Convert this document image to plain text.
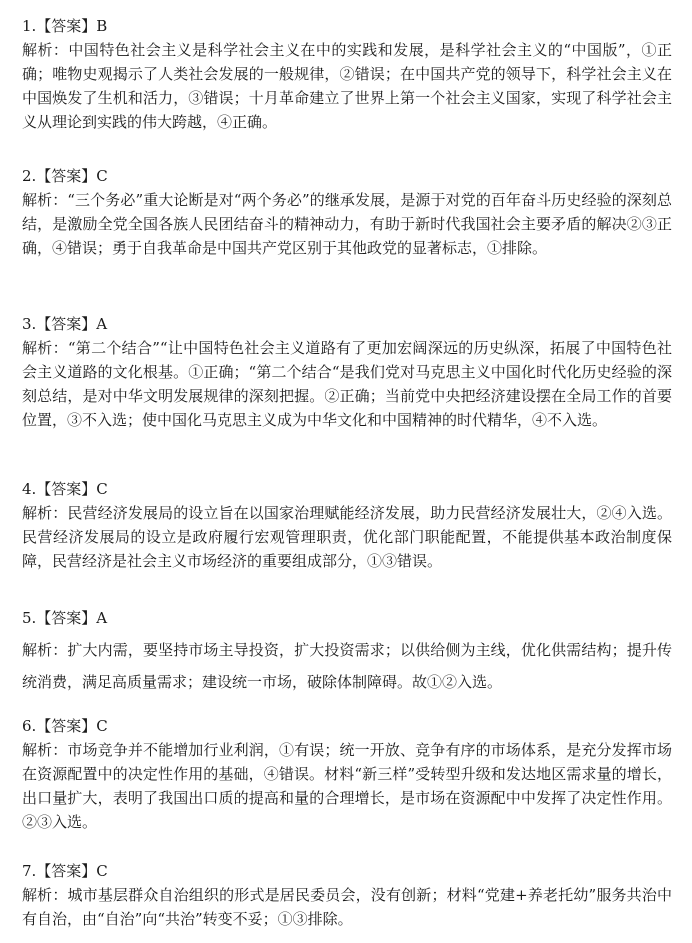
1.【答案】B

解析：中国特色社会主义是科学社会主义在中的实践和发展，是科学社会主义的“中国版”，①正确；唯物史观揭示了人类社会发展的一般规律，②错误；在中国共产党的领导下，科学社会主义在中国焕发了生机和活力，③错误；十月革命建立了世界上第一个社会主义国家，实现了科学社会主义从理论到实践的伟大跨越，④正确。

2.【答案】C

解析：“三个务必”重大论断是对“两个务必”的继承发展，是源于对党的百年奋斗历史经验的深刻总结，是激励全党全国各族人民团结奋斗的精神动力，有助于新时代我国社会主要矛盾的解决②③正确，④错误；勇于自我革命是中国共产党区别于其他政党的显著标志，①排除。

3.【答案】A

解析：“第二个结合”“让中国特色社会主义道路有了更加宏阔深远的历史纵深，拓展了中国特色社会主义道路的文化根基。①正确；“第二个结合“是我们党对马克思主义中国化时代化历史经验的深刻总结，是对中华文明发展规律的深刻把握。②正确；当前党中央把经济建设摆在全局工作的首要位置，③不入选；使中国化马克思主义成为中华文化和中国精神的时代精华，④不入选。

4.【答案】C

解析：民营经济发展局的设立旨在以国家治理赋能经济发展，助力民营经济发展壮大，②④入选。民营经济发展局的设立是政府履行宏观管理职责，优化部门职能配置，不能提供基本政治制度保障，民营经济是社会主义市场经济的重要组成部分，①③错误。

5.【答案】A

解析：扩大内需，要坚持市场主导投资，扩大投资需求；以供给侧为主线，优化供需结构；提升传统消费，满足高质量需求；建设统一市场，破除体制障碍。故①②入选。

6.【答案】C

解析：市场竞争并不能增加行业利润，①有误；统一开放、竞争有序的市场体系，是充分发挥市场在资源配置中的决定性作用的基础，④错误。材料“新三样”受转型升级和发达地区需求量的增长，出口量扩大，表明了我国出口质的提高和量的合理增长，是市场在资源配中中发挥了决定性作用。②③入选。

7.【答案】C

解析：城市基层群众自治组织的形式是居民委员会，没有创新；材料“党建+养老托幼”服务共治中有自治，由“自治”向“共治”转变不妥；①③排除。
